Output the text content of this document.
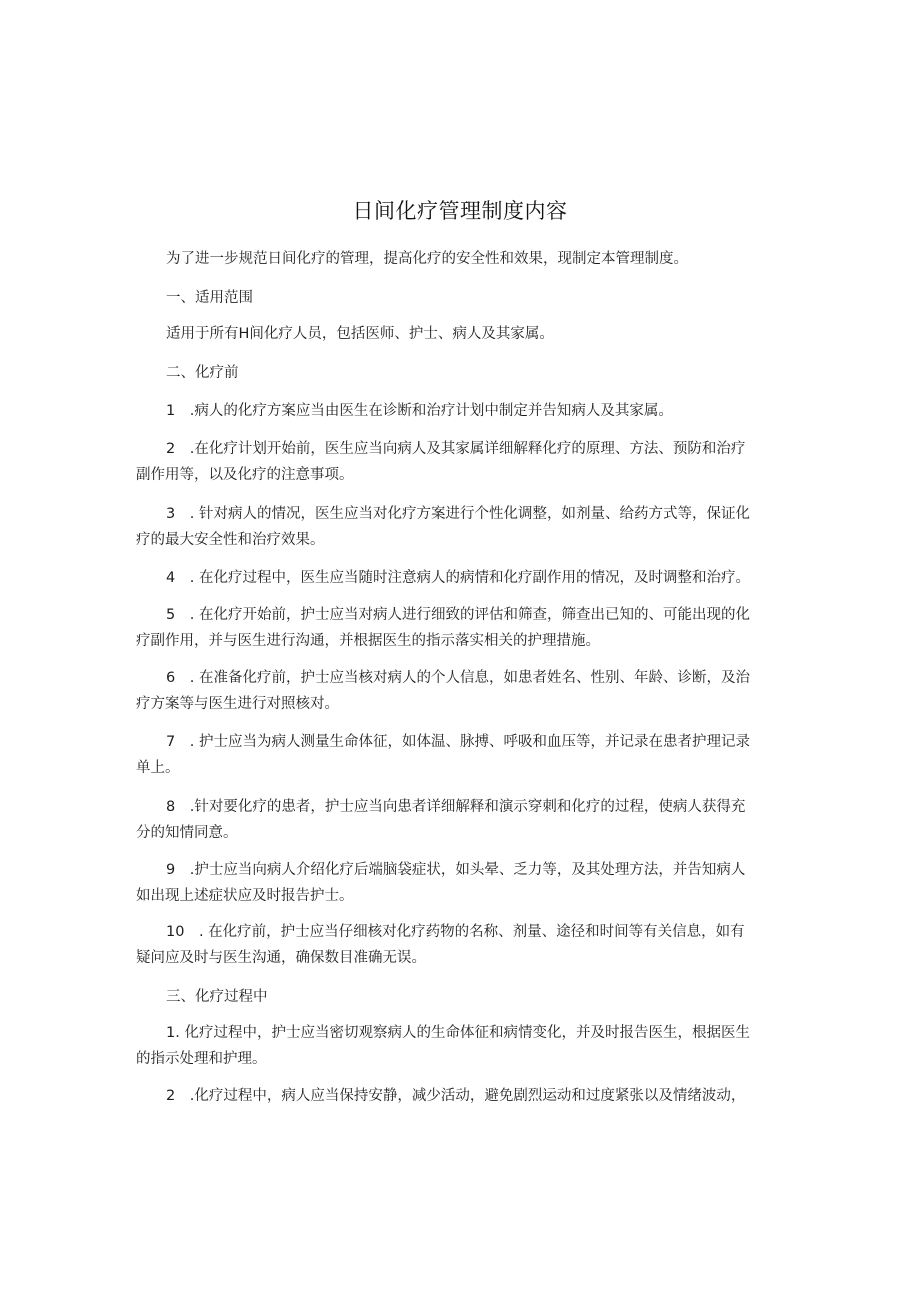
日间化疗管理制度内容
为了进一步规范日间化疗的管理，提高化疗的安全性和效果，现制定本管理制度。
一、适用范围
适用于所有H间化疗人员，包括医师、护士、病人及其家属。
二、化疗前
1　.病人的化疗方案应当由医生在诊断和治疗计划中制定并告知病人及其家属。
2　.在化疗计划开始前，医生应当向病人及其家属详细解释化疗的原理、方法、预防和治疗
副作用等，以及化疗的注意事项。
3　. 针对病人的情况，医生应当对化疗方案进行个性化调整，如剂量、给药方式等，保证化
疗的最大安全性和治疗效果。
4　. 在化疗过程中，医生应当随时注意病人的病情和化疗副作用的情况，及时调整和治疗。
5　. 在化疗开始前，护士应当对病人进行细致的评估和筛查，筛查出已知的、可能出现的化
疗副作用，并与医生进行沟通，并根据医生的指示落实相关的护理措施。
6　. 在准备化疗前，护士应当核对病人的个人信息，如患者姓名、性别、年龄、诊断，及治
疗方案等与医生进行对照核对。
7　. 护士应当为病人测量生命体征，如体温、脉搏、呼吸和血压等，并记录在患者护理记录
单上。
8　.针对要化疗的患者，护士应当向患者详细解释和演示穿刺和化疗的过程，使病人获得充
分的知情同意。
9　.护士应当向病人介绍化疗后端脑袋症状，如头晕、乏力等，及其处理方法，并告知病人
如出现上述症状应及时报告护士。
10　. 在化疗前，护士应当仔细核对化疗药物的名称、剂量、途径和时间等有关信息，如有
疑问应及时与医生沟通，确保数目准确无误。
三、化疗过程中
1. 化疗过程中，护士应当密切观察病人的生命体征和病情变化，并及时报告医生，根据医生
的指示处理和护理。
2　.化疗过程中，病人应当保持安静，减少活动，避免剧烈运动和过度紧张以及情绪波动，
